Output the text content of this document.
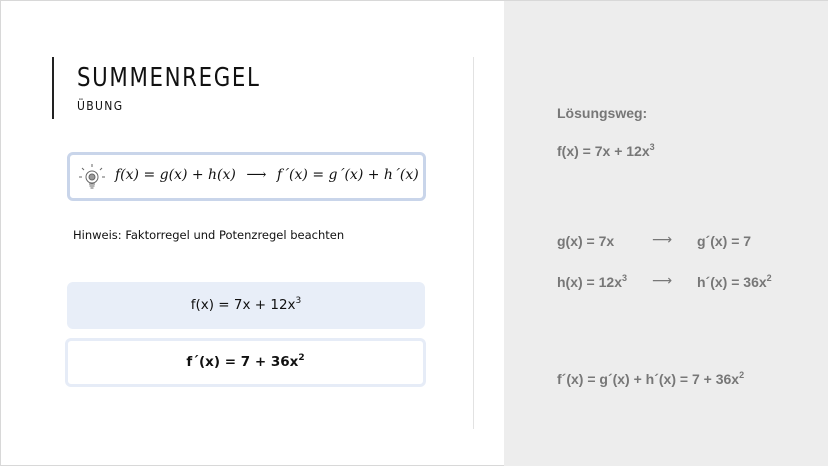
SUMMENREGEL
ÜBUNG
f(x) = g(x) + h(x) ⟶ f´(x) = g´(x) + h´(x)
Hinweis: Faktorregel und Potenzregel beachten
$f(x) = 7x + 12x^3$
f´(x) = $7 + 36x^2$
Lösungsweg:
$f(x) = 7x + 12x^3$
g(x) = 7x	⟶ g´(x) = 7
$h(x) = 12x^3$ ⟶ h´(x) = $36x^2$
f´(x) = g´(x) + h´(x) = $7 + 36x^2$
